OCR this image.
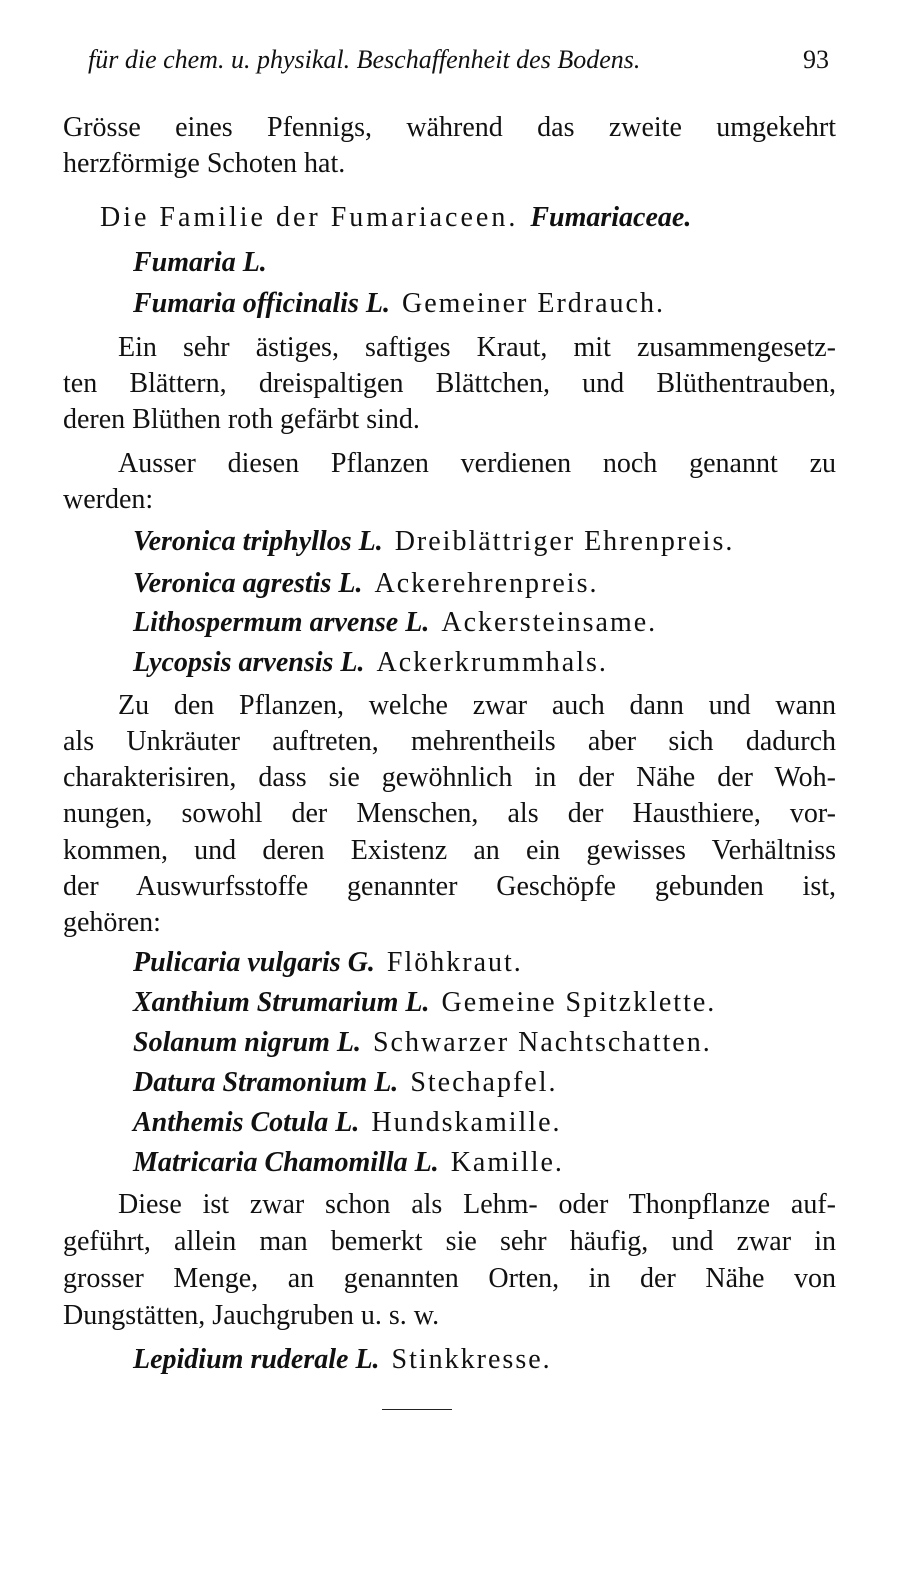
für die chem. u. physikal. Beschaffenheit des Bodens.	93
Grösse eines Pfennigs, während das zweite umgekehrt
herzförmige Schoten hat.
Die Familie der Fumariaceen. Fumariaceae.
Fumaria L.
Fumaria officinalis L. Gemeiner Erdrauch.
Ein sehr ästiges, saftiges Kraut, mit zusammengesetz-
ten Blättern, dreispaltigen Blättchen, und Blüthentrauben,
deren Blüthen roth gefärbt sind.
Ausser diesen Pflanzen verdienen noch genannt zu
werden:
Veronica triphyllos L. Dreiblättriger Ehrenpreis.
Veronica agrestis L. Ackerehrenpreis.
Lithospermum arvense L. Ackersteinsame.
Lycopsis arvensis L. Ackerkrummhals.
Zu den Pflanzen, welche zwar auch dann und wann
als Unkräuter auftreten, mehrentheils aber sich dadurch
charakterisiren, dass sie gewöhnlich in der Nähe der Woh-
nungen, sowohl der Menschen, als der Hausthiere, vor-
kommen, und deren Existenz an ein gewisses Verhältniss
der Auswurfsstoffe genannter Geschöpfe gebunden ist,
gehören:
Pulicaria vulgaris G. Flöhkraut.
Xanthium Strumarium L. Gemeine Spitzklette.
Solanum nigrum L. Schwarzer Nachtschatten.
Datura Stramonium L. Stechapfel.
Anthemis Cotula L. Hundskamille.
Matricaria Chamomilla L. Kamille.
Diese ist zwar schon als Lehm- oder Thonpflanze auf-
geführt, allein man bemerkt sie sehr häufig, und zwar in
grosser Menge, an genannten Orten, in der Nähe von
Dungstätten, Jauchgruben u. s. w.
Lepidium ruderale L. Stinkkresse.
